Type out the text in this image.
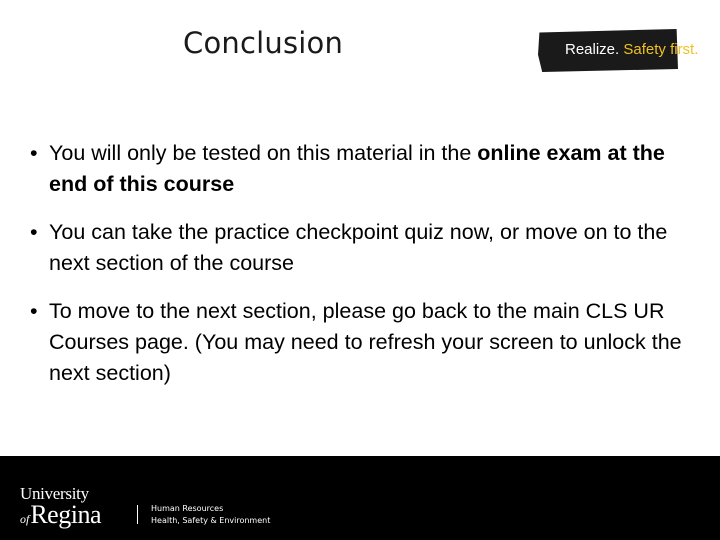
Conclusion	Realize. Safety first.
• You will only be tested on this material in the online exam at the end of this course
• You can take the practice checkpoint quiz now, or move on to the next section of the course
• To move to the next section, please go back to the main CLS UR Courses page. (You may need to refresh your screen to unlock the next section)
University
of Regina	Human Resources
Health, Safety & Environment
